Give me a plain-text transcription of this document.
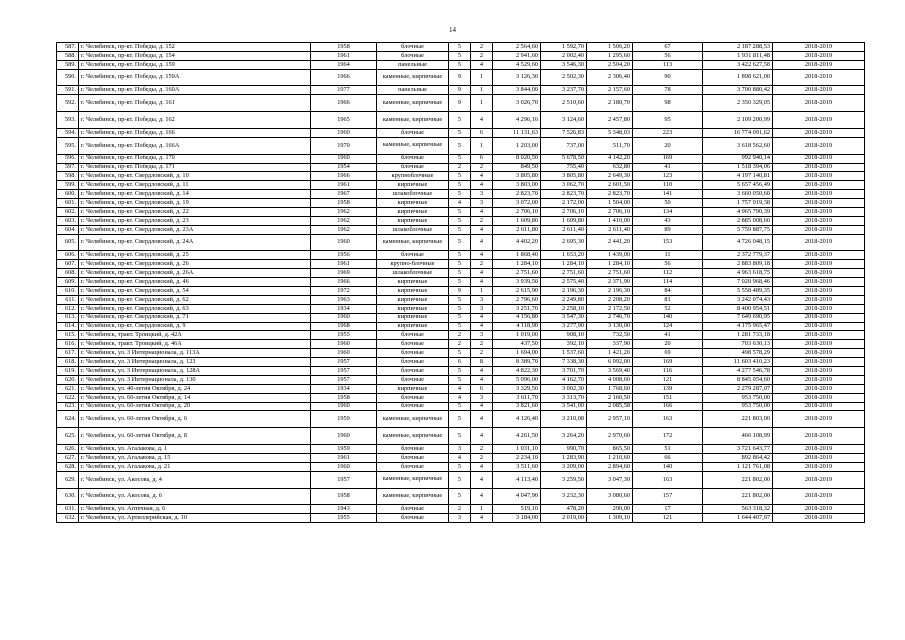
14
587.	г. Челябинск, пр-кт. Победы, д. 152	1958	блочные	5	2	2 564,60	1 592,70	1 506,20	67	2 187 288,53	2018-2019
588.	г. Челябинск, пр-кт. Победы, д. 154	1961	блочные	5	2	2 941,60	2 002,40	1 295,60	56	1 931 811,48	2018-2019
589.	г. Челябинск, пр-кт. Победы, д. 159	1964	панельные	5	4	4 529,60	3 546,30	2 504,20	113	3 422 627,58	2018-2019
590.	г. Челябинск, пр-кт. Победы, д. 159А	1966	каменные, кирпичные	9	1	3 126,30	2 502,30	2 306,40	90	1 898 621,00	2018-2019
591.	г. Челябинск, пр-кт. Победы, д. 160А	1977	панельные	9	1	3 844,00	3 237,70	2 157,60	78	3 700 880,42	2018-2019
592.	г. Челябинск, пр-кт. Победы, д. 161	1966	каменные, кирпичные	9	1	3 026,70	2 510,60	2 180,70	98	2 350 329,05	2018-2019
593.	г. Челябинск, пр-кт. Победы, д. 162	1965	каменные, кирпичные	5	4	4 296,16	3 124,60	2 457,80	95	2 109 200,99	2018-2019
594.	г. Челябинск, пр-кт. Победы, д. 166	1960	блочные	5	6	11 131,63	7 526,83	5 348,03	223	16 774 091,62	2018-2019
595.	г. Челябинск, пр-кт. Победы, д. 166А	1970	каменные, кирпичные	5	1	1 203,00	737,00	511,70	20	3 618 562,60	2018-2019
596.	г. Челябинск, пр-кт. Победы, д. 170	1960	блочные	5	6	8 020,50	5 678,50	4 142,20	169	992 940,14	2018-2019
597.	г. Челябинск, пр-кт. Победы, д. 171	1954	блочные	2	2	849,50	755,40	632,80	41	1 518 394,06	2018-2019
598.	г. Челябинск, пр-кт. Свердловский, д. 10	1966	крупноблочные	5	4	3 805,80	3 805,80	2 649,30	123	4 197 140,81	2018-2019
599.	г. Челябинск, пр-кт. Свердловский, д. 11	1961	кирпичные	5	4	3 803,00	3 062,70	2 601,50	110	5 657 456,49	2018-2019
600.	г. Челябинск, пр-кт. Свердловский, д. 14	1967	шлакоблочные	5	3	2 823,70	2 823,70	2 823,70	141	3 660 050,60	2018-2019
601.	г. Челябинск, пр-кт. Свердловский, д. 19	1958	кирпичные	4	3	3 072,00	2 172,00	1 504,00	50	1 757 919,38	2018-2019
602.	г. Челябинск, пр-кт. Свердловский, д. 22	1962	кирпичные	5	4	2 706,10	2 706,10	2 706,10	134	4 965 790,39	2018-2019
603.	г. Челябинск, пр-кт. Свердловский, д. 23	1962	кирпичные	5	2	1 609,80	1 609,80	1 410,00	43	2 885 008,60	2018-2019
604.	г. Челябинск, пр-кт. Свердловский, д. 23А	1962	шлакоблочные	5	4	2 611,80	2 611,40	2 611,40	89	5 759 887,75	2018-2019
605.	г. Челябинск, пр-кт. Свердловский, д. 24А	1960	каменные, кирпичные	5	4	4 402,20	2 695,30	2 441,20	153	4 726 048,15	2018-2019
606.	г. Челябинск, пр-кт. Свердловский, д. 25	1956	блочные	5	4	1 868,40	1 653,20	1 439,00	11	2 372 779,37	2018-2019
607.	г. Челябинск, пр-кт. Свердловский, д. 26	1961	крупно-блочные	5	2	1 284,10	1 284,10	1 284,10	56	2 883 809,18	2018-2019
608.	г. Челябинск, пр-кт. Свердловский, д. 26А	1969	шлакоблочные	5	4	2 751,60	2 751,60	2 751,60	112	4 963 618,75	2018-2019
609.	г. Челябинск, пр-кт. Свердловский, д. 46	1966	кирпичные	5	4	3 939,50	2 575,40	2 371,90	114	7 020 968,46	2018-2019
610.	г. Челябинск, пр-кт. Свердловский, д. 54	1972	кирпичные	9	1	2 615,90	2 196,30	2 196,30	84	5 558 489,35	2018-2019
611.	г. Челябинск, пр-кт. Свердловский, д. 62	1963	кирпичные	5	3	2 796,60	2 249,80	2 208,20	81	3 242 074,43	2018-2019
612.	г. Челябинск, пр-кт. Свердловский, д. 63	1934	кирпичные	5	3	3 251,70	2 258,10	2 172,50	52	8 400 954,51	2018-2019
613.	г. Челябинск, пр-кт. Свердловский, д. 71	1960	кирпичные	5	4	4 156,80	3 547,30	2 746,70	140	7 649 690,95	2018-2019
614.	г. Челябинск, пр-кт. Свердловский, д. 9	1968	кирпичные	5	4	4 118,90	3 277,90	3 130,00	124	4 175 965,47	2018-2019
615.	г. Челябинск, тракт. Троицкий, д. 42А	1955	блочные	2	3	1 019,00	908,10	732,50	41	1 281 733,18	2018-2019
616.	г. Челябинск, тракт. Троицкий, д. 46А	1960	блочные	2	2	437,50	392,10	337,90	20	703 630,13	2018-2019
617.	г. Челябинск, ул. 3 Интернационала, д. 113А	1960	блочные	5	2	1 694,00	1 537,60	1 421,20	69	498 578,29	2018-2019
618.	г. Челябинск, ул. 3 Интернационала, д. 123	1957	блочные	6	8	8 389,70	7 338,30	6 992,00	169	11 603 410,23	2018-2019
619.	г. Челябинск, ул. 3 Интернационала, д. 128А	1957	блочные	5	4	4 822,30	3 701,70	3 569,40	116	4 277 546,78	2018-2019
620.	г. Челябинск, ул. 3 Интернационала, д. 130	1957	блочные	5	4	5 096,00	4 162,70	4 008,60	121	8 845 054,60	2018-2019
621.	г. Челябинск, ул. 40-летия Октября, д. 24	1934	кирпичные	4	6	3 329,50	3 002,30	1 768,60	139	2 279 287,07	2018-2019
622.	г. Челябинск, ул. 60-летия Октября, д. 14	1958	блочные	4	3	3 611,70	3 313,70	2 160,50	151	953 750,00	2018-2019
623.	г. Челябинск, ул. 60-летия Октября, д. 20	1960	блочные	5	4	3 821,60	3 541,00	2 085,58	166	953 750,00	2018-2019
624.	г. Челябинск, ул. 60-летия Октября, д. 6	1959	каменные, кирпичные	5	4	4 126,40	3 210,08	2 957,10	163	221 803,00	2018-2019
625.	г. Челябинск, ул. 60-летия Октября, д. 8	1960	каменные, кирпичные	5	4	4 261,50	3 264,20	2 970,60	172	466 108,99	2018-2019
626.	г. Челябинск, ул. Агалакова, д. 1	1959	блочные	3	2	1 031,10	990,70	865,50	51	3 721 643,77	2018-2019
627.	г. Челябинск, ул. Агалакова, д. 15	1961	блочные	4	2	2 234,10	1 283,90	1 210,60	66	892 864,42	2018-2019
628.	г. Челябинск, ул. Агалакова, д. 21	1960	блочные	5	4	3 511,60	3 209,00	2 894,60	140	1 121 761,08	2018-2019
629.	г. Челябинск, ул. Акосова, д. 4	1957	каменные, кирпичные	5	4	4 113,40	3 259,50	3 047,30	163	221 802,00	2018-2019
630.	г. Челябинск, ул. Акосова, д. 6	1958	каменные, кирпичные	5	4	4 047,90	3 232,30	3 080,60	157	221 802,00	2018-2019
631.	г. Челябинск, ул. Аптечная, д. 6	1943	блочные	2	1	519,10	478,20	290,00	17	563 318,32	2018-2019
632.	г. Челябинск, ул. Артиллерийская, д. 10	1955	блочные	3	4	3 184,00	2 019,00	1 309,10	121	1 644 407,97	2018-2019
